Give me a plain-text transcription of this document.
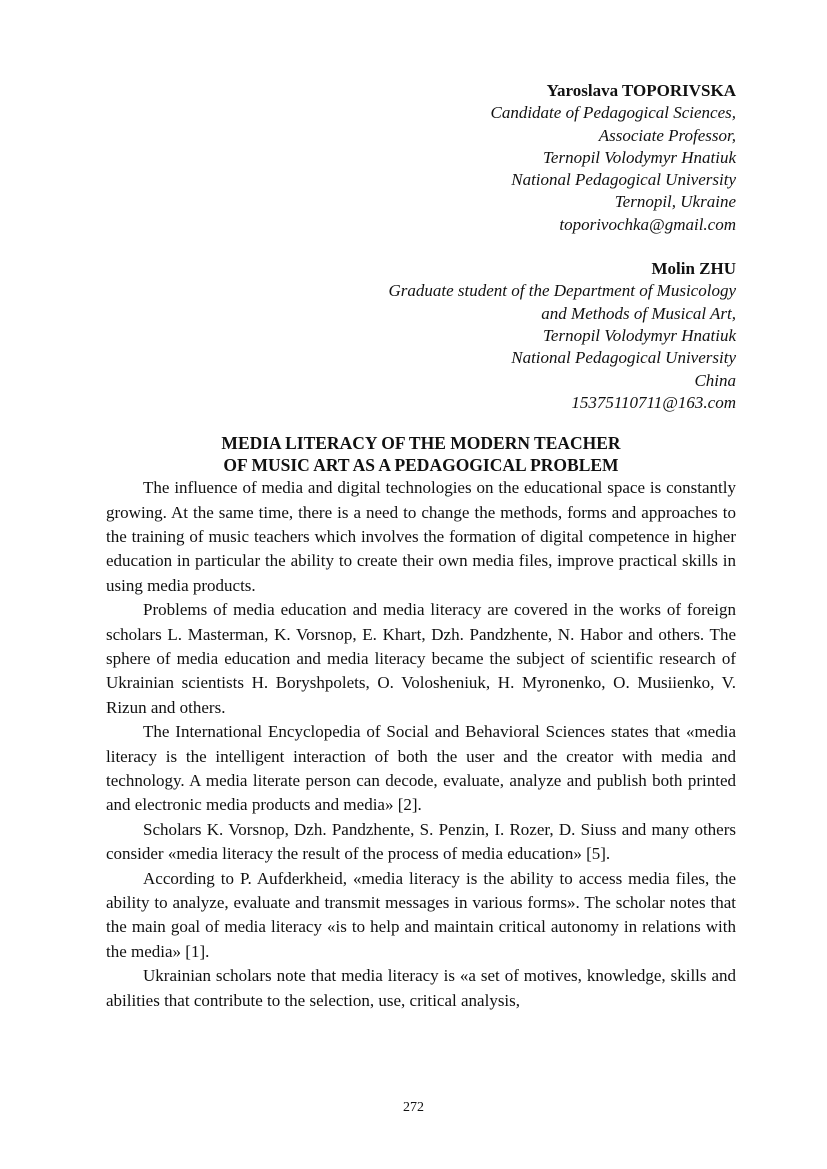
Yaroslava TOPORIVSKA
Candidate of Pedagogical Sciences,
Associate Professor,
Ternopil Volodymyr Hnatiuk
National Pedagogical University
Ternopil, Ukraine
toporivochka@gmail.com
Molin ZHU
Graduate student of the Department of Musicology
and Methods of Musical Art,
Ternopil Volodymyr Hnatiuk
National Pedagogical University
China
15375110711@163.com
MEDIA LITERACY OF THE MODERN TEACHER
OF MUSIC ART AS A PEDAGOGICAL PROBLEM

The influence of media and digital technologies on the educational space is constantly growing. At the same time, there is a need to change the methods, forms and approaches to the training of music teachers which involves the formation of digital competence in higher education in particular the ability to create their own media files, improve practical skills in using media products.

Problems of media education and media literacy are covered in the works of foreign scholars L. Masterman, K. Vorsnop, E. Khart, Dzh. Pandzhente, N. Habor and others. The sphere of media education and media literacy became the subject of scientific research of Ukrainian scientists H. Boryshpolets, O. Volosheniuk, H. Myronenko, O. Musiienko, V. Rizun and others.

The International Encyclopedia of Social and Behavioral Sciences states that «media literacy is the intelligent interaction of both the user and the creator with media and technology. A media literate person can decode, evaluate, analyze and publish both printed and electronic media products and media» [2].

Scholars K. Vorsnop, Dzh. Pandzhente, S. Penzin, I. Rozer, D. Siuss and many others consider «media literacy the result of the process of media education» [5].

According to P. Aufderkheid, «media literacy is the ability to access media files, the ability to analyze, evaluate and transmit messages in various forms». The scholar notes that the main goal of media literacy «is to help and maintain critical autonomy in relations with the media» [1].

Ukrainian scholars note that media literacy is «a set of motives, knowledge, skills and abilities that contribute to the selection, use, critical analysis,

272
